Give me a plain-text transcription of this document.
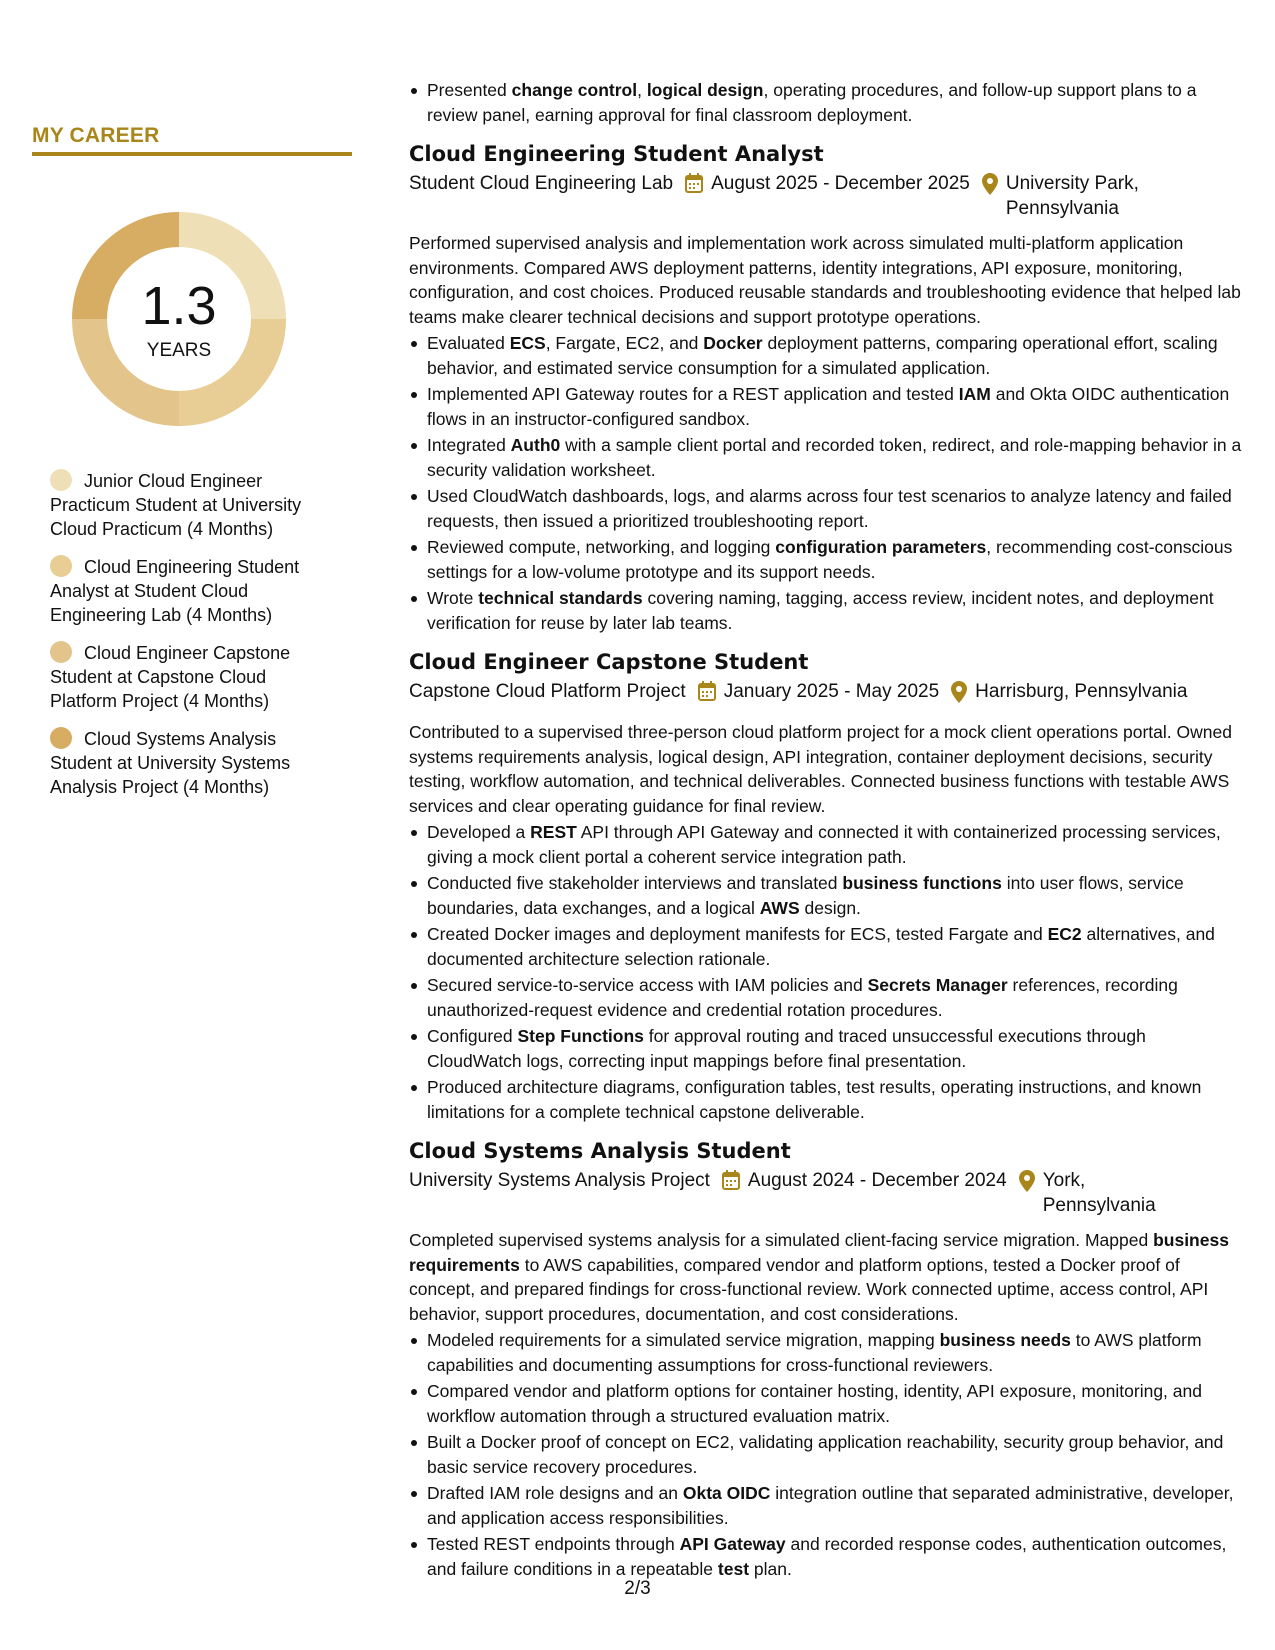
MY CAREER
1.3
YEARS
Junior Cloud Engineer Practicum Student at University Cloud Practicum (4 Months)
Cloud Engineering Student Analyst at Student Cloud Engineering Lab (4 Months)
Cloud Engineer Capstone Student at Capstone Cloud Platform Project (4 Months)
Cloud Systems Analysis Student at University Systems Analysis Project (4 Months)
Presented change control, logical design, operating procedures, and follow-up support plans to a review panel, earning approval for final classroom deployment.
Cloud Engineering Student Analyst
Student Cloud Engineering Lab August 2025 - December 2025 University Park, Pennsylvania
Performed supervised analysis and implementation work across simulated multi-platform application environments. Compared AWS deployment patterns, identity integrations, API exposure, monitoring, configuration, and cost choices. Produced reusable standards and troubleshooting evidence that helped lab teams make clearer technical decisions and support prototype operations.
Evaluated ECS, Fargate, EC2, and Docker deployment patterns, comparing operational effort, scaling behavior, and estimated service consumption for a simulated application.
Implemented API Gateway routes for a REST application and tested IAM and Okta OIDC authentication flows in an instructor-configured sandbox.
Integrated Auth0 with a sample client portal and recorded token, redirect, and role-mapping behavior in a security validation worksheet.
Used CloudWatch dashboards, logs, and alarms across four test scenarios to analyze latency and failed requests, then issued a prioritized troubleshooting report.
Reviewed compute, networking, and logging configuration parameters, recommending cost-conscious settings for a low-volume prototype and its support needs.
Wrote technical standards covering naming, tagging, access review, incident notes, and deployment verification for reuse by later lab teams.
Cloud Engineer Capstone Student
Capstone Cloud Platform Project January 2025 - May 2025 Harrisburg, Pennsylvania
Contributed to a supervised three-person cloud platform project for a mock client operations portal. Owned systems requirements analysis, logical design, API integration, container deployment decisions, security testing, workflow automation, and technical deliverables. Connected business functions with testable AWS services and clear operating guidance for final review.
Developed a REST API through API Gateway and connected it with containerized processing services, giving a mock client portal a coherent service integration path.
Conducted five stakeholder interviews and translated business functions into user flows, service boundaries, data exchanges, and a logical AWS design.
Created Docker images and deployment manifests for ECS, tested Fargate and EC2 alternatives, and documented architecture selection rationale.
Secured service-to-service access with IAM policies and Secrets Manager references, recording unauthorized-request evidence and credential rotation procedures.
Configured Step Functions for approval routing and traced unsuccessful executions through CloudWatch logs, correcting input mappings before final presentation.
Produced architecture diagrams, configuration tables, test results, operating instructions, and known limitations for a complete technical capstone deliverable.
Cloud Systems Analysis Student
University Systems Analysis Project August 2024 - December 2024 York, Pennsylvania
Completed supervised systems analysis for a simulated client-facing service migration. Mapped business requirements to AWS capabilities, compared vendor and platform options, tested a Docker proof of concept, and prepared findings for cross-functional review. Work connected uptime, access control, API behavior, support procedures, documentation, and cost considerations.
Modeled requirements for a simulated service migration, mapping business needs to AWS platform capabilities and documenting assumptions for cross-functional reviewers.
Compared vendor and platform options for container hosting, identity, API exposure, monitoring, and workflow automation through a structured evaluation matrix.
Built a Docker proof of concept on EC2, validating application reachability, security group behavior, and basic service recovery procedures.
Drafted IAM role designs and an Okta OIDC integration outline that separated administrative, developer, and application access responsibilities.
Tested REST endpoints through API Gateway and recorded response codes, authentication outcomes, and failure conditions in a repeatable test plan.
2/3
